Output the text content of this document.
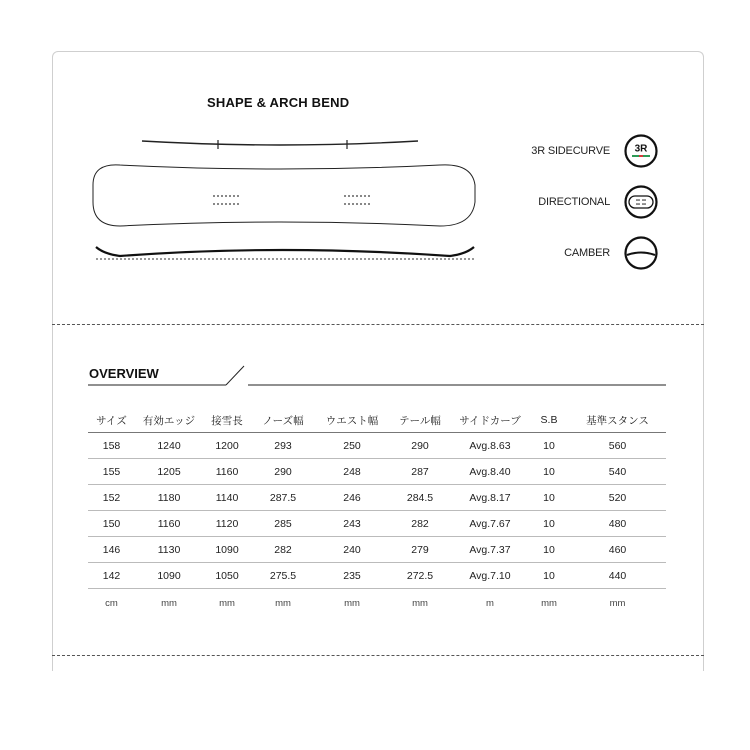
SHAPE & ARCH BEND
3R SIDECURVE 3R
DIRECTIONAL
CAMBER
OVERVIEW
サイズ	有効エッジ	接雪長	ノーズ幅	ウエスト幅	テール幅	サイドカーブ	S.B	基準スタンス
158	1240	1200	293	250	290	Avg.8.63	10	560
155	1205	1160	290	248	287	Avg.8.40	10	540
152	1180	1140	287.5	246	284.5	Avg.8.17	10	520
150	1160	1120	285	243	282	Avg.7.67	10	480
146	1130	1090	282	240	279	Avg.7.37	10	460
142	1090	1050	275.5	235	272.5	Avg.7.10	10	440
cm	mm	mm	mm	mm	mm	m	mm	mm
